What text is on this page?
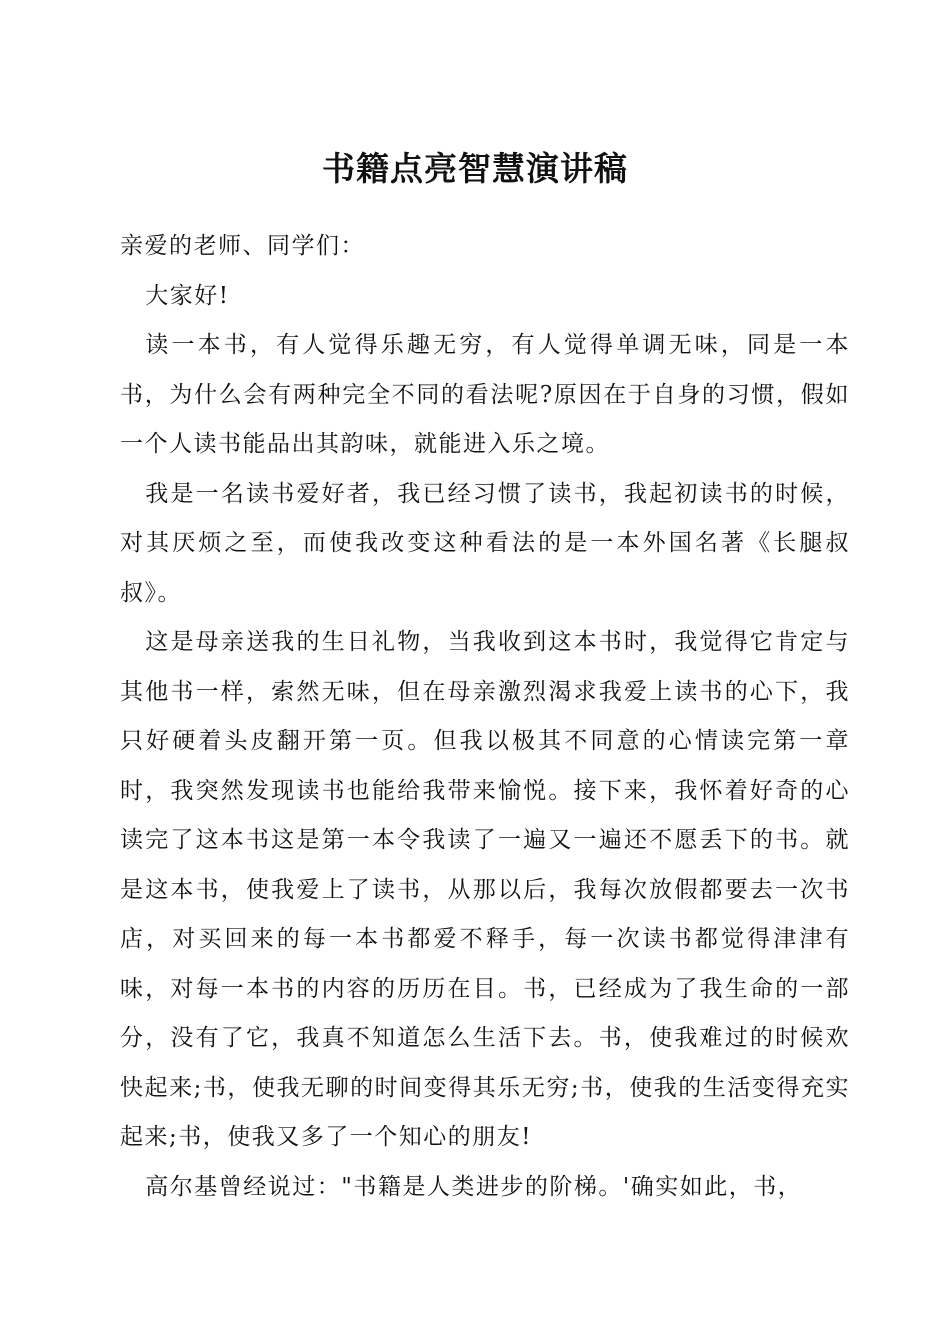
书籍点亮智慧演讲稿

亲爱的老师、同学们：

大家好!

读一本书，有人觉得乐趣无穷，有人觉得单调无味，同是一本书，为什么会有两种完全不同的看法呢?原因在于自身的习惯，假如一个人读书能品出其韵味，就能进入乐之境。

我是一名读书爱好者，我已经习惯了读书，我起初读书的时候，对其厌烦之至，而使我改变这种看法的是一本外国名著《长腿叔叔》。

这是母亲送我的生日礼物，当我收到这本书时，我觉得它肯定与其他书一样，索然无味，但在母亲激烈渴求我爱上读书的心下，我只好硬着头皮翻开第一页。但我以极其不同意的心情读完第一章时，我突然发现读书也能给我带来愉悦。接下来，我怀着好奇的心读完了这本书这是第一本令我读了一遍又一遍还不愿丢下的书。就是这本书，使我爱上了读书，从那以后，我每次放假都要去一次书店，对买回来的每一本书都爱不释手，每一次读书都觉得津津有味，对每一本书的内容的历历在目。书，已经成为了我生命的一部分，没有了它，我真不知道怎么生活下去。书，使我难过的时候欢快起来;书，使我无聊的时间变得其乐无穷;书，使我的生活变得充实起来;书，使我又多了一个知心的朋友!

高尔基曾经说过："书籍是人类进步的阶梯。'确实如此，书，
